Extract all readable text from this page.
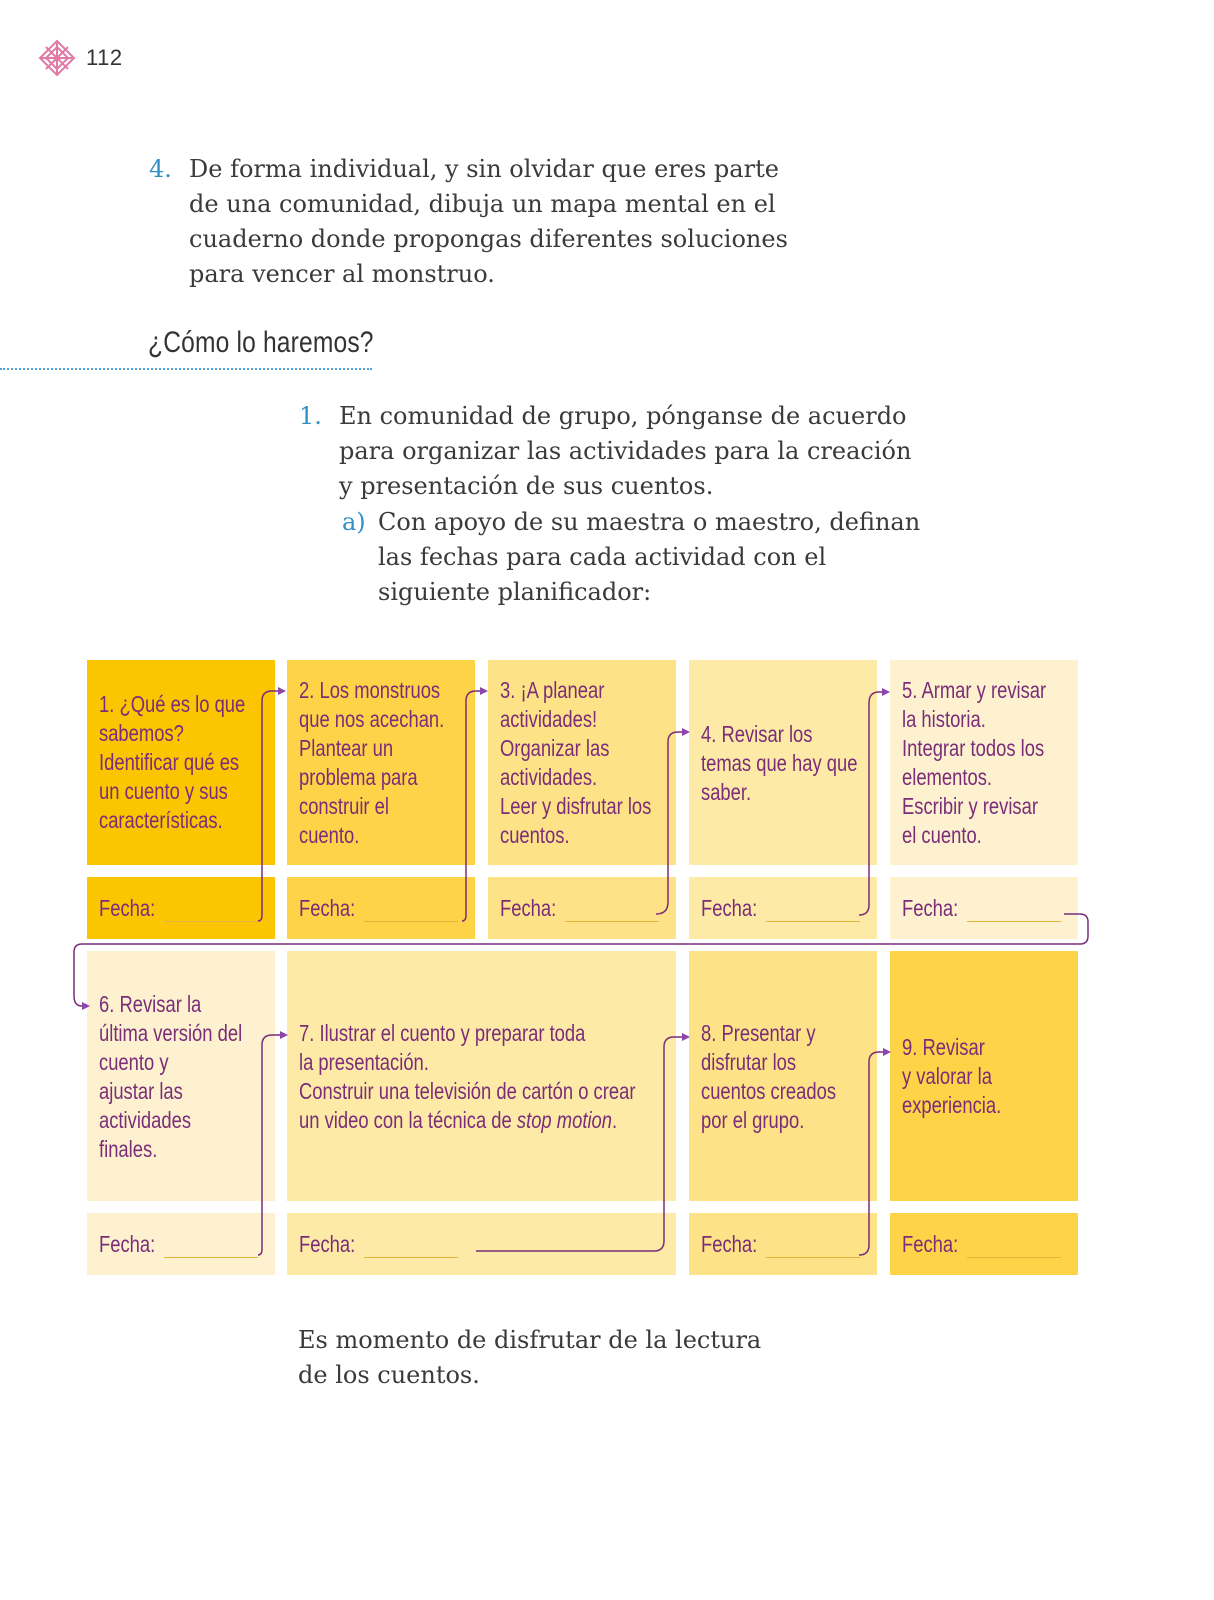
112
4. De forma individual, y sin olvidar que eres parte

de una comunidad, dibuja un mapa mental en el

cuaderno donde propongas diferentes soluciones

para vencer al monstruo.

¿Cómo lo haremos?
1. En comunidad de grupo, pónganse de acuerdo

para organizar las actividades para la creación

y presentación de sus cuentos.

a) Con apoyo de su maestra o maestro, definan

las fechas para cada actividad con el

siguiente planificador:

1. ¿Qué es lo que
sabemos?
Identificar qué es
un cuento y sus
características.
2. Los monstruos
que nos acechan.
Plantear un
problema para
construir el
cuento.
3. ¡A planear
actividades!
Organizar las
actividades.
Leer y disfrutar los
cuentos.
4. Revisar los
temas que hay que
saber.
5. Armar y revisar
la historia.
Integrar todos los
elementos.
Escribir y revisar
el cuento.
Fecha:	Fecha:	Fecha:	Fecha:	Fecha:
6. Revisar la
última versión del
cuento y
ajustar las
actividades
finales.
7. Ilustrar el cuento y preparar toda
la presentación.
Construir una televisión de cartón o crear
un video con la técnica de stop motion.
8. Presentar y
disfrutar los
cuentos creados
por el grupo.
9. Revisar
y valorar la
experiencia.
Fecha:	Fecha:	Fecha:	Fecha:

Es momento de disfrutar de la lectura

de los cuentos.
